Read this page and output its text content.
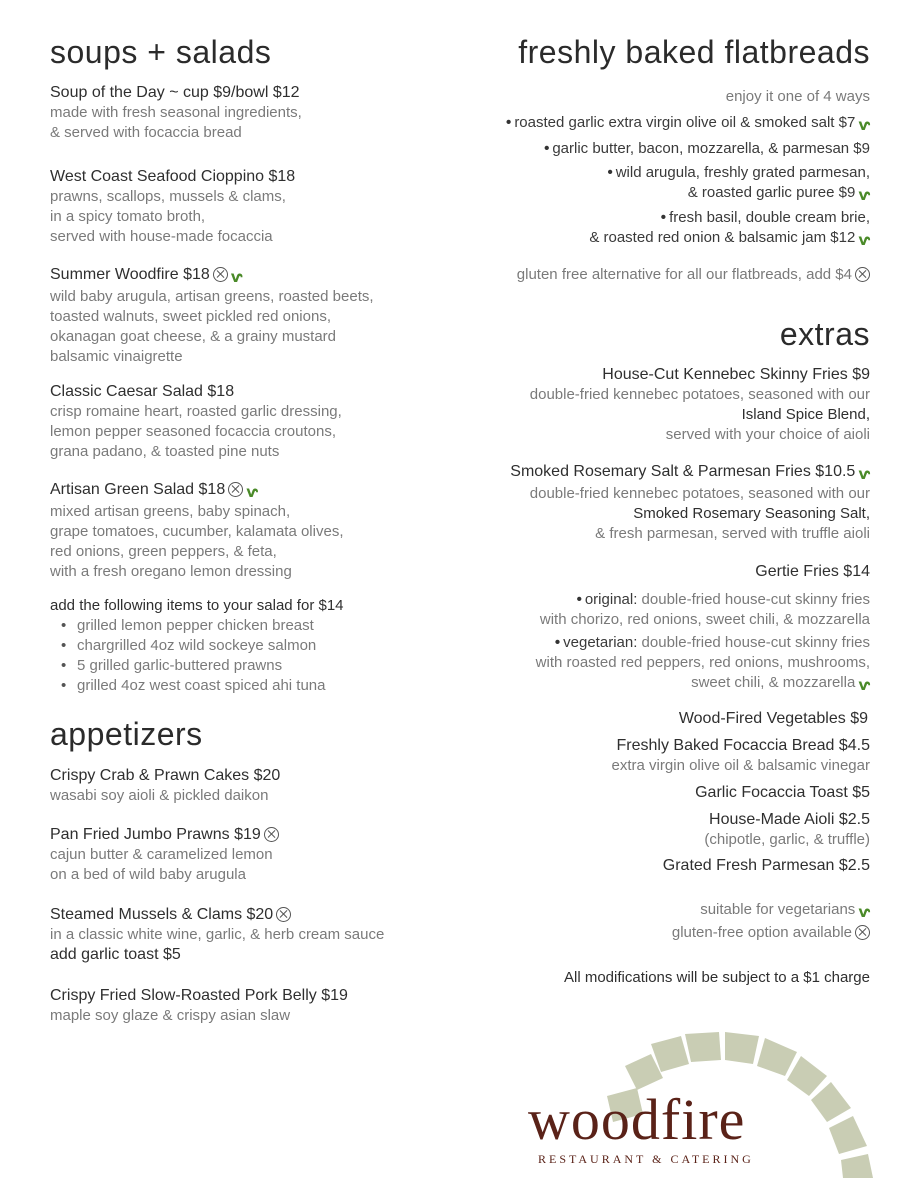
soups + salads
Soup of the Day ~ cup $9/bowl $12
made with fresh seasonal ingredients,
& served with focaccia bread
West Coast Seafood Cioppino $18
prawns, scallops, mussels & clams,
in a spicy tomato broth,
served with house-made focaccia
Summer Woodfire $18 ⱱ
wild baby arugula, artisan greens, roasted beets,
toasted walnuts, sweet pickled red onions,
okanagan goat cheese, & a grainy mustard
balsamic vinaigrette
Classic Caesar Salad $18
crisp romaine heart, roasted garlic dressing,
lemon pepper seasoned focaccia croutons,
grana padano, & toasted pine nuts
Artisan Green Salad $18 ⱱ
mixed artisan greens, baby spinach,
grape tomatoes, cucumber, kalamata olives,
red onions, green peppers, & feta,
with a fresh oregano lemon dressing
add the following items to your salad for $14
• grilled lemon pepper chicken breast
• chargrilled 4oz wild sockeye salmon
• 5 grilled garlic-buttered prawns
• grilled 4oz west coast spiced ahi tuna
appetizers
Crispy Crab & Prawn Cakes $20
wasabi soy aioli & pickled daikon
Pan Fried Jumbo Prawns $19
cajun butter & caramelized lemon
on a bed of wild baby arugula
Steamed Mussels & Clams $20
in a classic white wine, garlic, & herb cream sauce
add garlic toast $5
Crispy Fried Slow-Roasted Pork Belly $19
maple soy glaze & crispy asian slaw
freshly baked flatbreads
enjoy it one of 4 ways
• roasted garlic extra virgin olive oil & smoked salt $7 ⱱ
• garlic butter, bacon, mozzarella, & parmesan $9
• wild arugula, freshly grated parmesan,
& roasted garlic puree $9 ⱱ
• fresh basil, double cream brie,
& roasted red onion & balsamic jam $12 ⱱ
gluten free alternative for all our flatbreads, add $4
extras
House-Cut Kennebec Skinny Fries $9
double-fried kennebec potatoes, seasoned with our
Island Spice Blend,
served with your choice of aioli
Smoked Rosemary Salt & Parmesan Fries $10.5 ⱱ
double-fried kennebec potatoes, seasoned with our
Smoked Rosemary Seasoning Salt,
& fresh parmesan, served with truffle aioli
Gertie Fries $14
• original: double-fried house-cut skinny fries
with chorizo, red onions, sweet chili, & mozzarella
• vegetarian: double-fried house-cut skinny fries
with roasted red peppers, red onions, mushrooms,
sweet chili, & mozzarella ⱱ
Wood-Fired Vegetables $9
Freshly Baked Focaccia Bread $4.5
extra virgin olive oil & balsamic vinegar
Garlic Focaccia Toast $5
House-Made Aioli $2.5
(chipotle, garlic, & truffle)
Grated Fresh Parmesan $2.5
suitable for vegetarians ⱱ
gluten-free option available
All modifications will be subject to a $1 charge
woodfire
RESTAURANT & CATERING
